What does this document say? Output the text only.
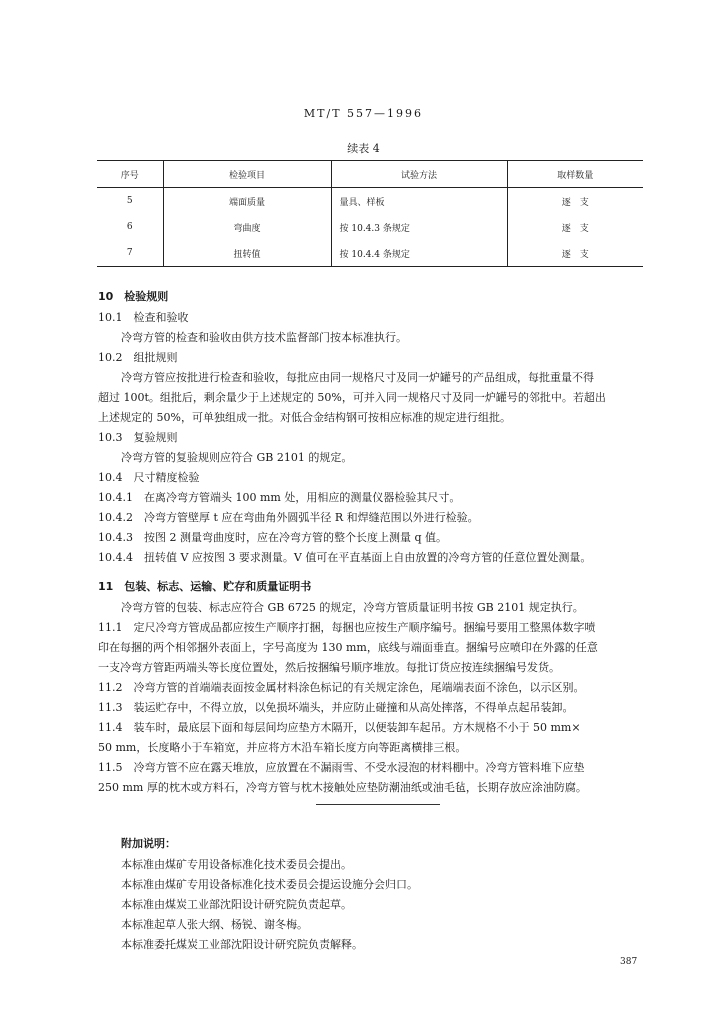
MT/T 557—1996
续表 4
序号	检验项目	试验方法	取样数量
5	端面质量	量具、样板	逐　支
6	弯曲度	按 10.4.3 条规定	逐　支
7	扭转值	按 10.4.4 条规定	逐　支
10　检验规则
10.1　检查和验收
冷弯方管的检查和验收由供方技术监督部门按本标准执行。
10.2　组批规则
冷弯方管应按批进行检查和验收，每批应由同一规格尺寸及同一炉罐号的产品组成，每批重量不得
超过 100t。组批后，剩余量少于上述规定的 50%，可并入同一规格尺寸及同一炉罐号的邻批中。若超出
上述规定的 50%，可单独组成一批。对低合金结构钢可按相应标准的规定进行组批。
10.3　复验规则
冷弯方管的复验规则应符合 GB 2101 的规定。
10.4　尺寸精度检验
10.4.1　在离冷弯方管端头 100 mm 处，用相应的测量仪器检验其尺寸。
10.4.2　冷弯方管壁厚 t 应在弯曲角外圆弧半径 R 和焊缝范围以外进行检验。
10.4.3　按图 2 测量弯曲度时，应在冷弯方管的整个长度上测量 q 值。
10.4.4　扭转值 V 应按图 3 要求测量。V 值可在平直基面上自由放置的冷弯方管的任意位置处测量。
11　包装、标志、运输、贮存和质量证明书
冷弯方管的包装、标志应符合 GB 6725 的规定，冷弯方管质量证明书按 GB 2101 规定执行。
11.1　定尺冷弯方管成品都应按生产顺序打捆，每捆也应按生产顺序编号。捆编号要用工整黑体数字喷
印在每捆的两个相邻捆外表面上，字号高度为 130 mm，底线与端面垂直。捆编号应喷印在外露的任意
一支冷弯方管距两端头等长度位置处，然后按捆编号顺序堆放。每批订货应按连续捆编号发货。
11.2　冷弯方管的首端端表面按金属材料涂色标记的有关规定涂色，尾端端表面不涂色，以示区别。
11.3　装运贮存中，不得立放，以免损坏端头，并应防止碰撞和从高处摔落，不得单点起吊装卸。
11.4　装车时，最底层下面和每层间均应垫方木隔开，以便装卸车起吊。方木规格不小于 50 mm×
50 mm，长度略小于车箱宽，并应将方木沿车箱长度方向等距离横排三根。
11.5　冷弯方管不应在露天堆放，应放置在不漏雨雪、不受水浸泡的材料棚中。冷弯方管料堆下应垫
250 mm 厚的枕木或方料石，冷弯方管与枕木接触处应垫防潮油纸或油毛毡，长期存放应涂油防腐。
附加说明：
本标准由煤矿专用设备标准化技术委员会提出。
本标准由煤矿专用设备标准化技术委员会提运设施分会归口。
本标准由煤炭工业部沈阳设计研究院负责起草。
本标准起草人张大纲、杨锐、谢冬梅。
本标准委托煤炭工业部沈阳设计研究院负责解释。
387
